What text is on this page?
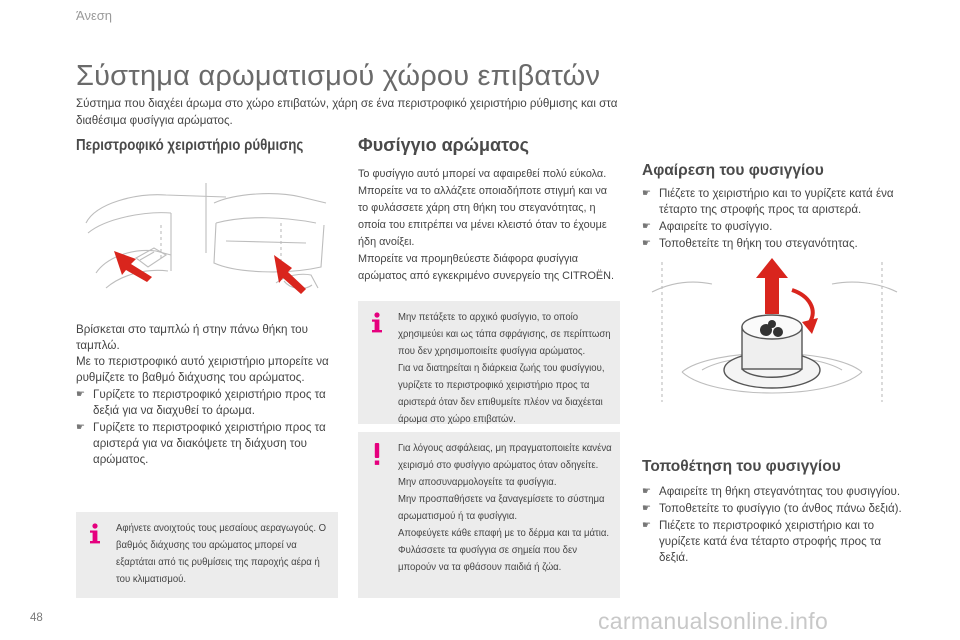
Άνεση
Σύστημα αρωματισμού χώρου επιβατών
Σύστημα που διαχέει άρωμα στο χώρο επιβατών, χάρη σε ένα περιστροφικό χειριστήριο ρύθμισης και στα διαθέσιμα φυσίγγια αρώματος.
Περιστροφικό χειριστήριο ρύθμισης

Βρίσκεται στο ταμπλώ ή στην πάνω θήκη του ταμπλώ.

Με το περιστροφικό αυτό χειριστήριο μπορείτε να ρυθμίζετε το βαθμό διάχυσης του αρώματος.

☛ Γυρίζετε το περιστροφικό χειριστήριο προς τα δεξιά για να διαχυθεί το άρωμα.
☛ Γυρίζετε το περιστροφικό χειριστήριο προς τα αριστερά για να διακόψετε τη διάχυση του αρώματος.

Αφήνετε ανοιχτούς τους μεσαίους αεραγωγούς. Ο βαθμός διάχυσης του αρώματος μπορεί να εξαρτάται από τις ρυθμίσεις της παροχής αέρα ή του κλιματισμού.

Φυσίγγιο αρώματος

Το φυσίγγιο αυτό μπορεί να αφαιρεθεί πολύ εύκολα.

Μπορείτε να το αλλάζετε οποιαδήποτε στιγμή και να το φυλάσσετε χάρη στη θήκη του στεγανότητας, η οποία του επιτρέπει να μένει κλειστό όταν το έχουμε ήδη ανοίξει.

Μπορείτε να προμηθεύεστε διάφορα φυσίγγια αρώματος από εγκεκριμένο συνεργείο της CITROËN.

Μην πετάξετε το αρχικό φυσίγγιο, το οποίο χρησιμεύει και ως τάπα σφράγισης, σε περίπτωση που δεν χρησιμοποιείτε φυσίγγια αρώματος.

Για να διατηρείται η διάρκεια ζωής του φυσίγγιου, γυρίζετε το περιστροφικό χειριστήριο προς τα αριστερά όταν δεν επιθυμείτε πλέον να διαχέεται άρωμα στο χώρο επιβατών.

Για λόγους ασφάλειας, μη πραγματοποιείτε κανένα χειρισμό στο φυσίγγιο αρώματος όταν οδηγείτε.

Μην αποσυναρμολογείτε τα φυσίγγια.

Μην προσπαθήσετε να ξαναγεμίσετε το σύστημα αρωματισμού ή τα φυσίγγια.

Αποφεύγετε κάθε επαφή με το δέρμα και τα μάτια.

Φυλάσσετε τα φυσίγγια σε σημεία που δεν μπορούν να τα φθάσουν παιδιά ή ζώα.

Αφαίρεση του φυσιγγίου
☛ Πιέζετε το χειριστήριο και το γυρίζετε κατά ένα τέταρτο της στροφής προς τα αριστερά.
☛ Αφαιρείτε το φυσίγγιο.
☛ Τοποθετείτε τη θήκη του στεγανότητας.
Τοποθέτηση του φυσιγγίου
☛ Αφαιρείτε τη θήκη στεγανότητας του φυσιγγίου.
☛ Τοποθετείτε το φυσίγγιο (το άνθος πάνω δεξιά).
☛ Πιέζετε το περιστροφικό χειριστήριο και το γυρίζετε κατά ένα τέταρτο στροφής προς τα δεξιά.
48	carmanualsonline.info
